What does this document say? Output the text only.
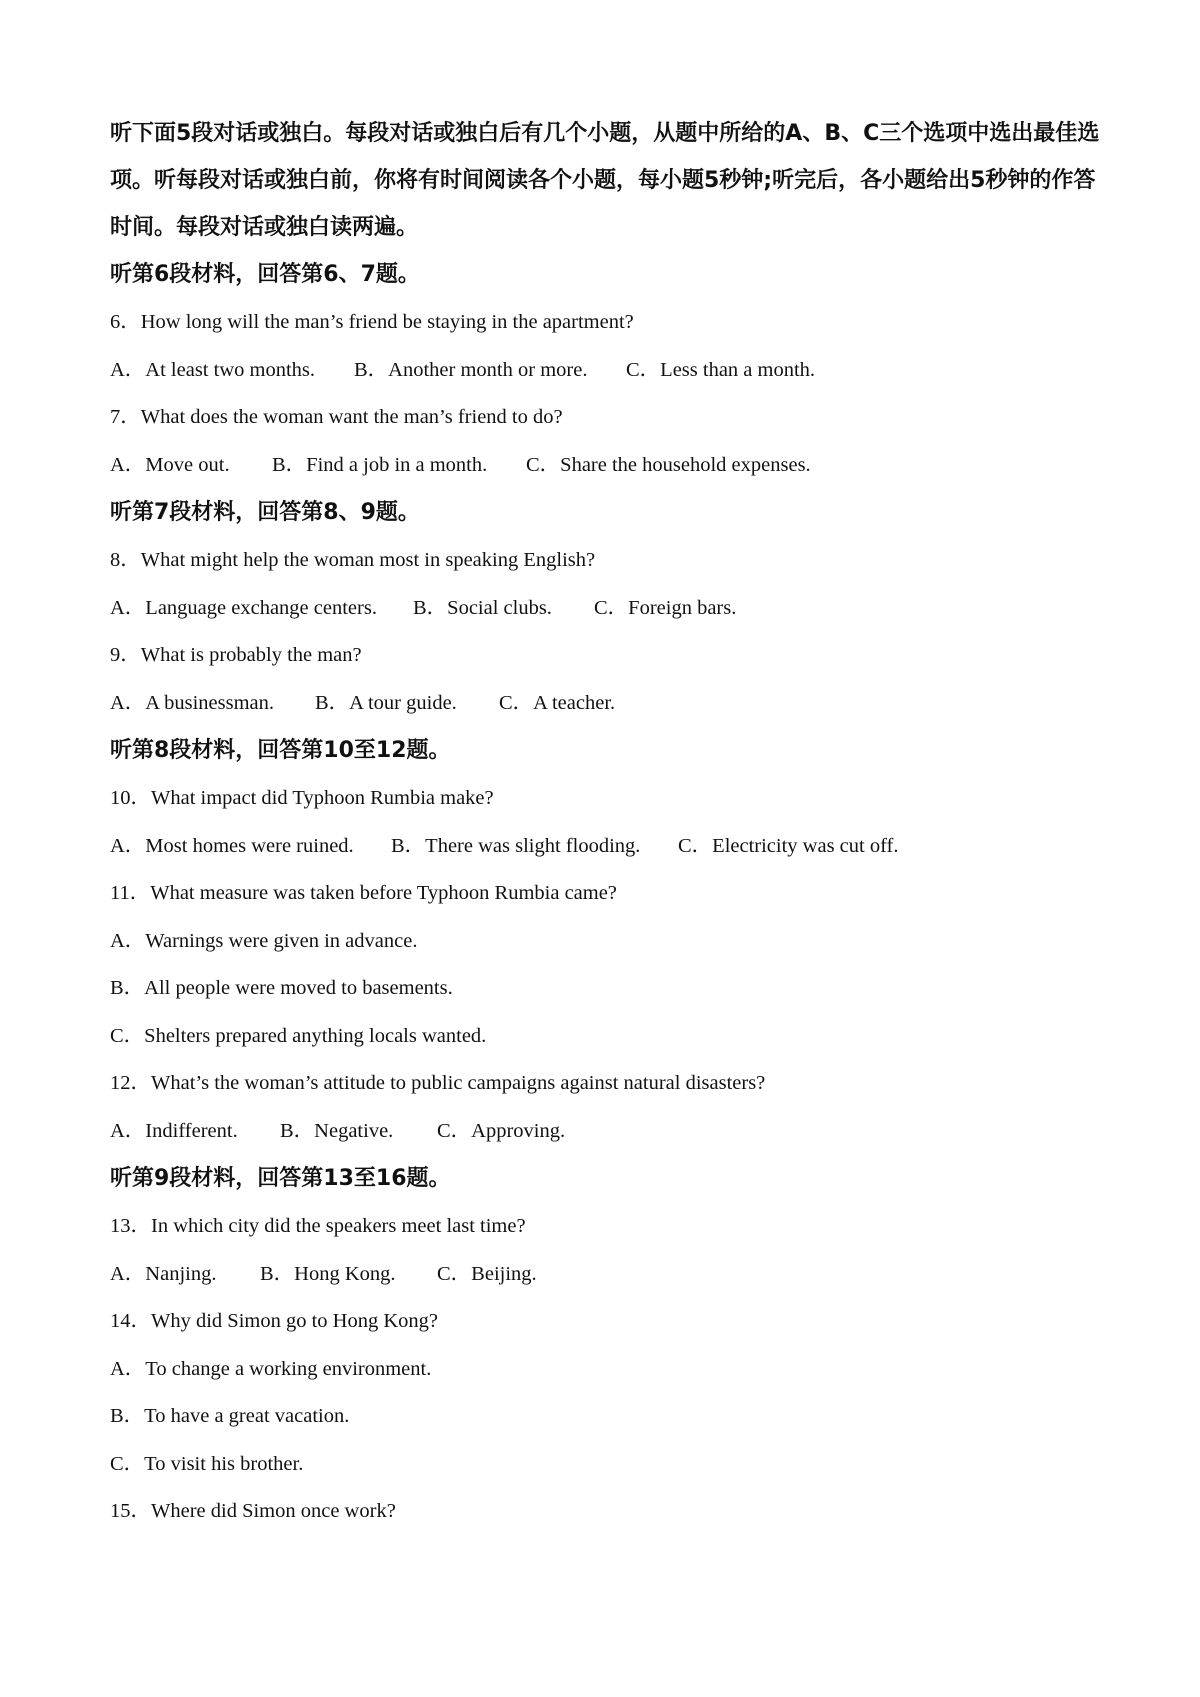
听下面5段对话或独白。每段对话或独白后有几个小题，从题中所给的A、B、C三个选项中选出最佳选项。听每段对话或独白前，你将有时间阅读各个小题，每小题5秒钟;听完后，各小题给出5秒钟的作答时间。每段对话或独白读两遍。

听第6段材料，回答第6、7题。

6．How long will the man’s friend be staying in the apartment?

A．At least two months. B．Another month or more. C．Less than a month.

7．What does the woman want the man’s friend to do?

A．Move out. B．Find a job in a month. C．Share the household expenses.

听第7段材料，回答第8、9题。

8．What might help the woman most in speaking English?

A．Language exchange centers. B．Social clubs. C．Foreign bars.

9．What is probably the man?

A．A businessman. B．A tour guide. C．A teacher.

听第8段材料，回答第10至12题。

10．What impact did Typhoon Rumbia make?

A．Most homes were ruined. B．There was slight flooding. C．Electricity was cut off.

11．What measure was taken before Typhoon Rumbia came?

A．Warnings were given in advance.

B．All people were moved to basements.

C．Shelters prepared anything locals wanted.

12．What’s the woman’s attitude to public campaigns against natural disasters?

A．Indifferent. B．Negative. C．Approving.

听第9段材料，回答第13至16题。

13．In which city did the speakers meet last time?

A．Nanjing. B．Hong Kong. C．Beijing.

14．Why did Simon go to Hong Kong?

A．To change a working environment.

B．To have a great vacation.

C．To visit his brother.

15．Where did Simon once work?
